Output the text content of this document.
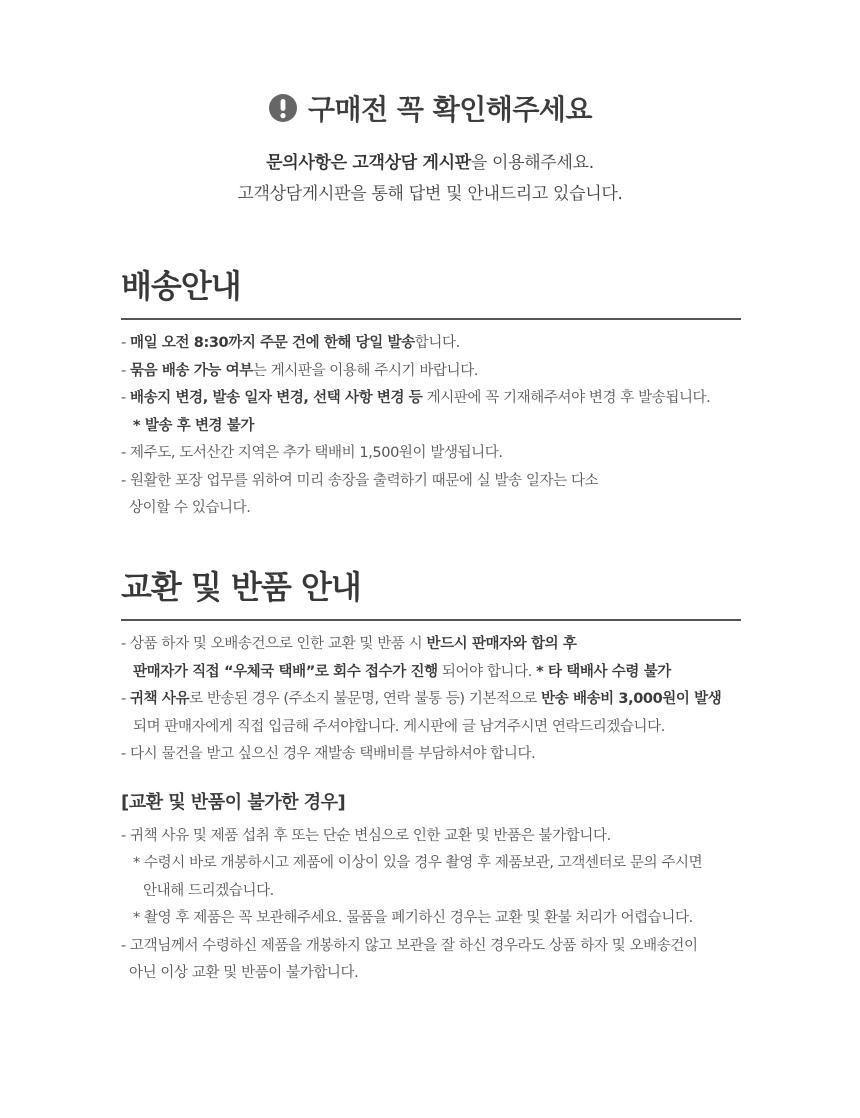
구매전 꼭 확인해주세요
문의사항은 고객상담 게시판을 이용해주세요.
고객상담게시판을 통해 답변 및 안내드리고 있습니다.
배송안내
- 매일 오전 8:30까지 주문 건에 한해 당일 발송합니다.
- 묶음 배송 가능 여부는 게시판을 이용해 주시기 바랍니다.
- 배송지 변경, 발송 일자 변경, 선택 사항 변경 등 게시판에 꼭 기재해주셔야 변경 후 발송됩니다.
* 발송 후 변경 불가
- 제주도, 도서산간 지역은 추가 택배비 1,500원이 발생됩니다.
- 원활한 포장 업무를 위하여 미리 송장을 출력하기 때문에 실 발송 일자는 다소
상이할 수 있습니다.
교환 및 반품 안내
- 상품 하자 및 오배송건으로 인한 교환 및 반품 시 반드시 판매자와 합의 후
판매자가 직접 “우체국 택배”로 회수 접수가 진행 되어야 합니다. * 타 택배사 수령 불가
- 귀책 사유로 반송된 경우 (주소지 불문명, 연락 불통 등) 기본적으로 반송 배송비 3,000원이 발생
되며 판매자에게 직접 입금해 주셔야합니다. 게시판에 글 남겨주시면 연락드리겠습니다.
- 다시 물건을 받고 싶으신 경우 재발송 택배비를 부담하셔야 합니다.
[교환 및 반품이 불가한 경우]
- 귀책 사유 및 제품 섭취 후 또는 단순 변심으로 인한 교환 및 반품은 불가합니다.
* 수령시 바로 개봉하시고 제품에 이상이 있을 경우 촬영 후 제품보관, 고객센터로 문의 주시면
안내해 드리겠습니다.
* 촬영 후 제품은 꼭 보관해주세요. 물품을 폐기하신 경우는 교환 및 환불 처리가 어렵습니다.
- 고객님께서 수령하신 제품을 개봉하지 않고 보관을 잘 하신 경우라도 상품 하자 및 오배송건이
아닌 이상 교환 및 반품이 불가합니다.
